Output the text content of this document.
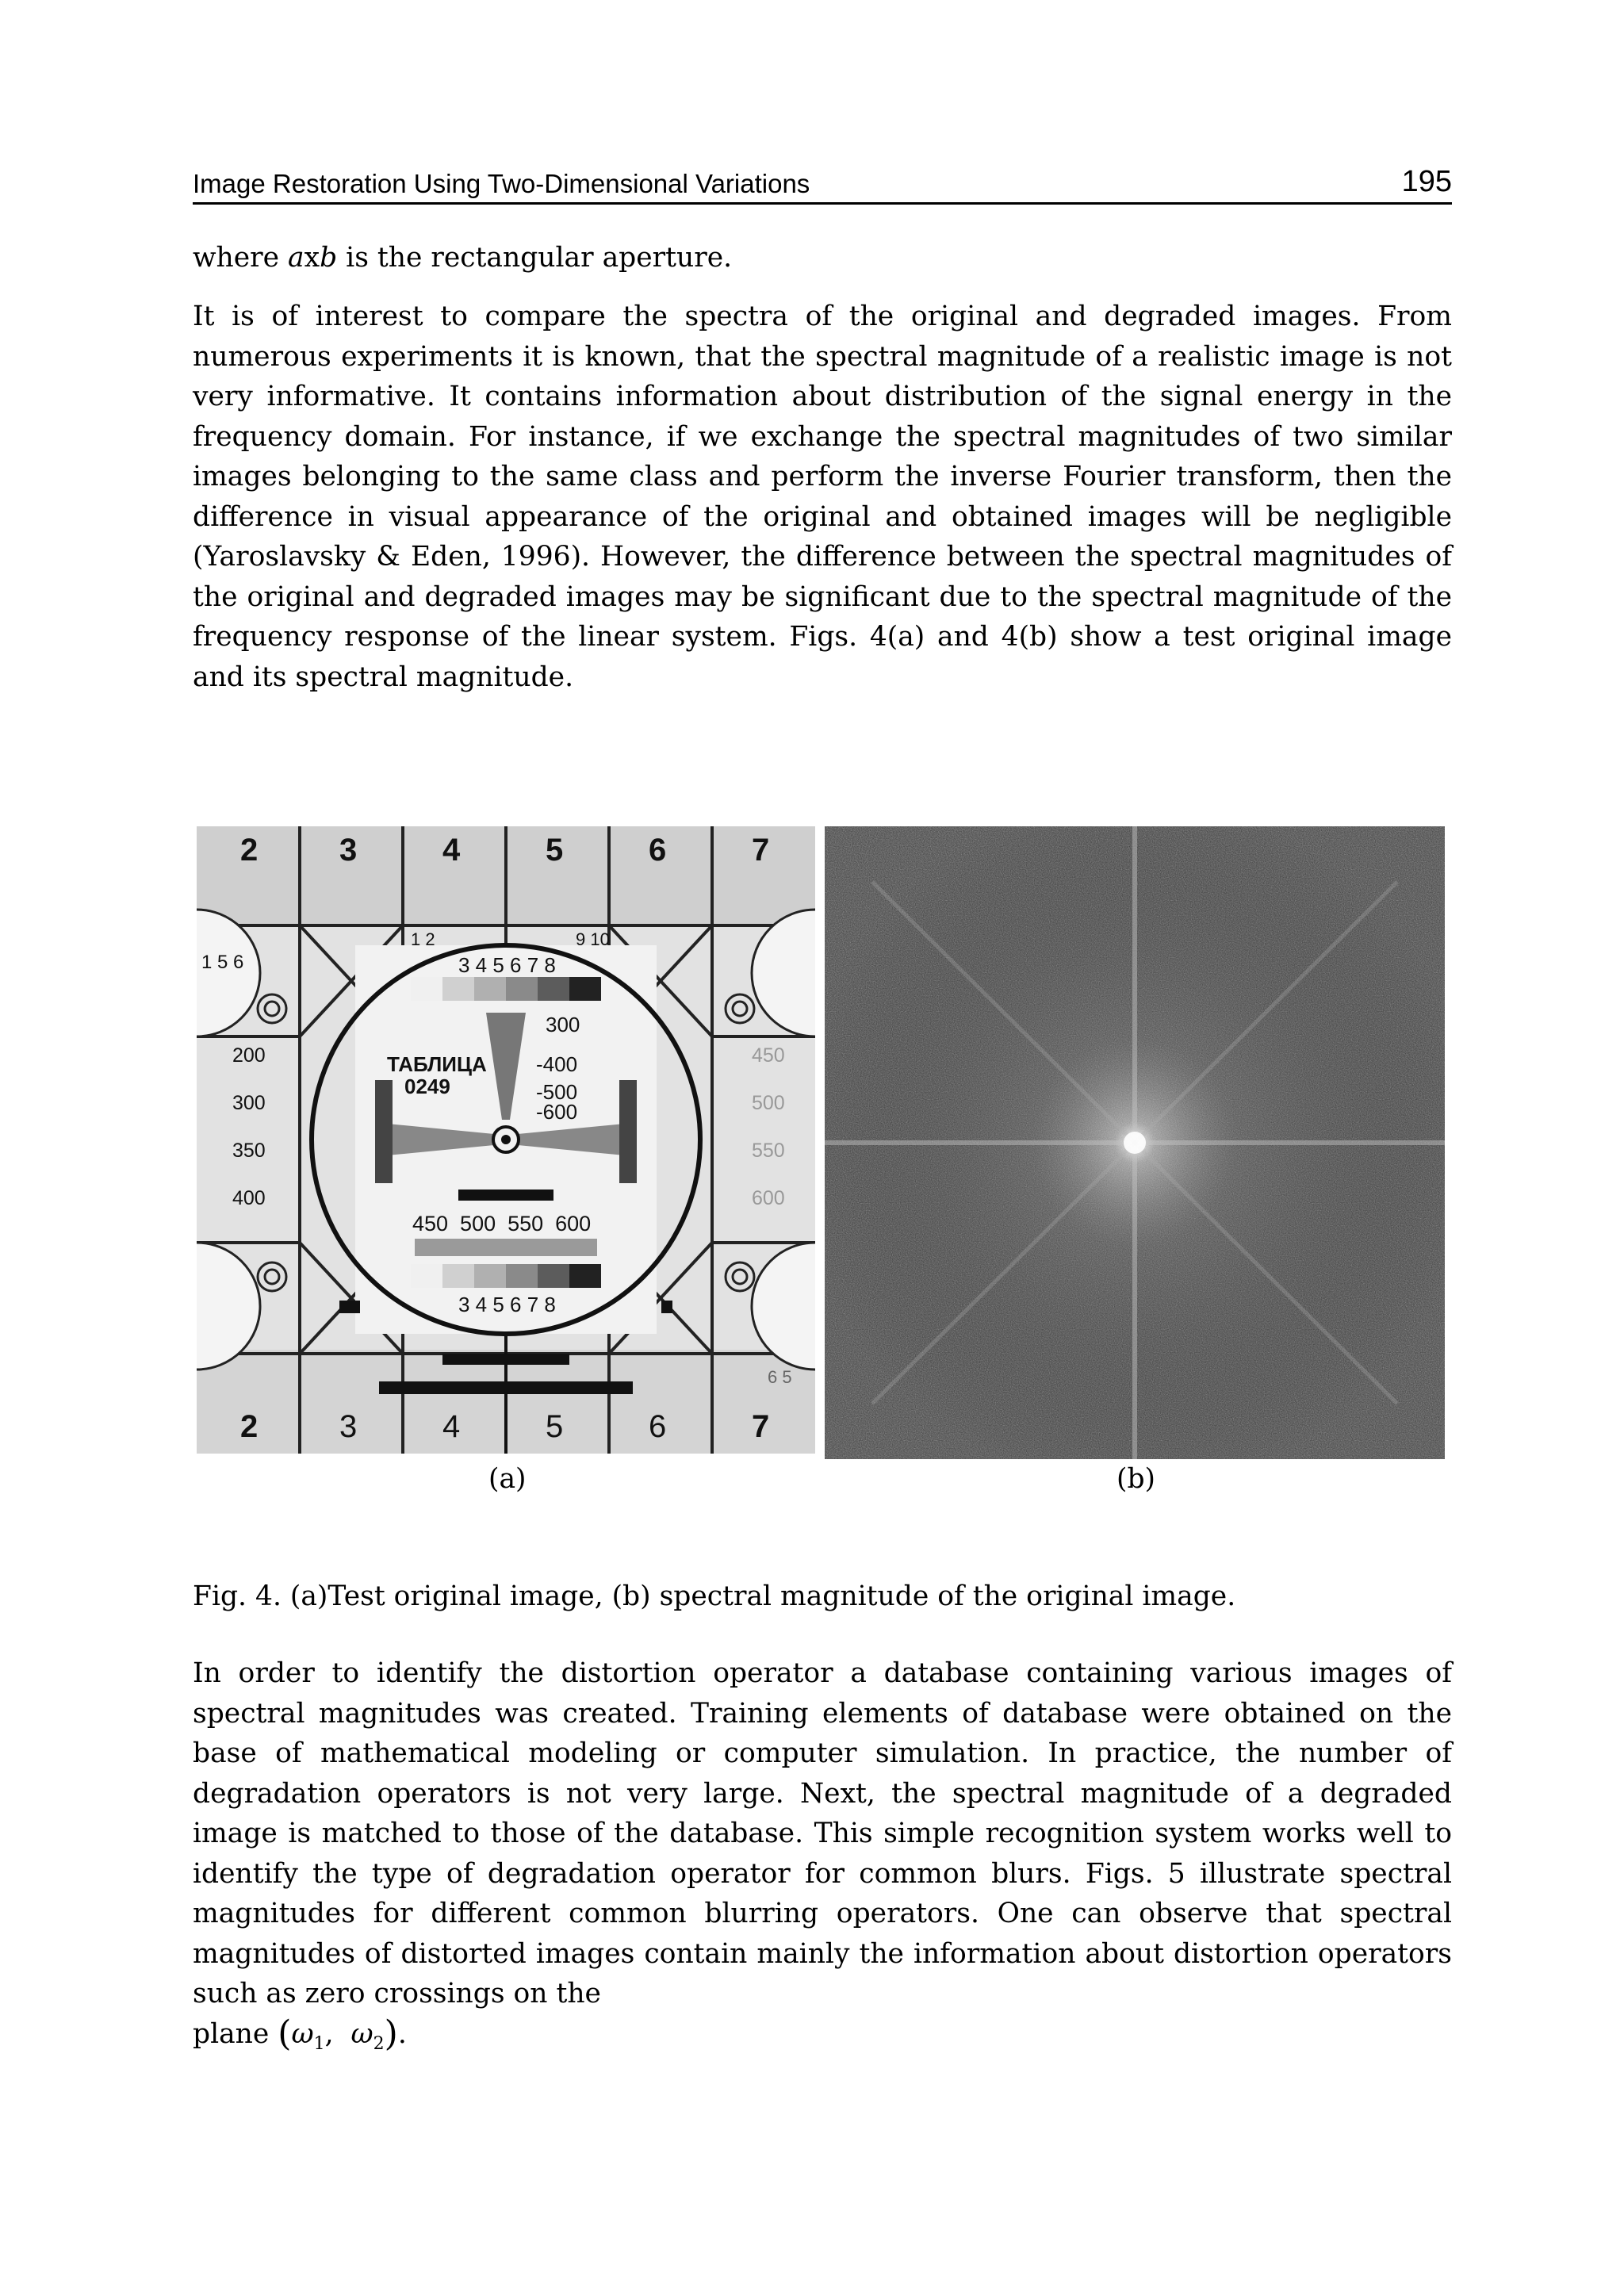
Image Restoration Using Two-Dimensional Variations	195

where axb is the rectangular aperture.

It is of interest to compare the spectra of the original and degraded images. From numerous experiments it is known, that the spectral magnitude of a realistic image is not very informative. It contains information about distribution of the signal energy in the frequency domain. For instance, if we exchange the spectral magnitudes of two similar images belonging to the same class and perform the inverse Fourier transform, then the difference in visual appearance of the original and obtained images will be negligible (Yaroslavsky & Eden, 1996). However, the difference between the spectral magnitudes of the original and degraded images may be significant due to the spectral magnitude of the frequency response of the linear system. Figs. 4(a) and 4(b) show a test original image and its spectral magnitude.

2	3	4	5	6	7
2	3	4	5	6	7
1 2	9 10
3 4 5 6 7 8
3 4 5 6 7 8
ТАБЛИЦА
0249
300
-400
-500
-600
450  500  550  600
200
300
350
400
450
500
550
600
1 5 6
6 5
(a)	(b)
Fig. 4. (a)Test original image, (b) spectral magnitude of the original image.

In order to identify the distortion operator a database containing various images of spectral magnitudes was created. Training elements of database were obtained on the base of mathematical modeling or computer simulation. In practice, the number of degradation operators is not very large. Next, the spectral magnitude of a degraded image is matched to those of the database. This simple recognition system works well to identify the type of degradation operator for common blurs. Figs. 5 illustrate spectral magnitudes for different common blurring operators. One can observe that spectral magnitudes of distorted images contain mainly the information about distortion operators such as zero crossings on the
plane ($\omega_1$,  $\omega_2$).
